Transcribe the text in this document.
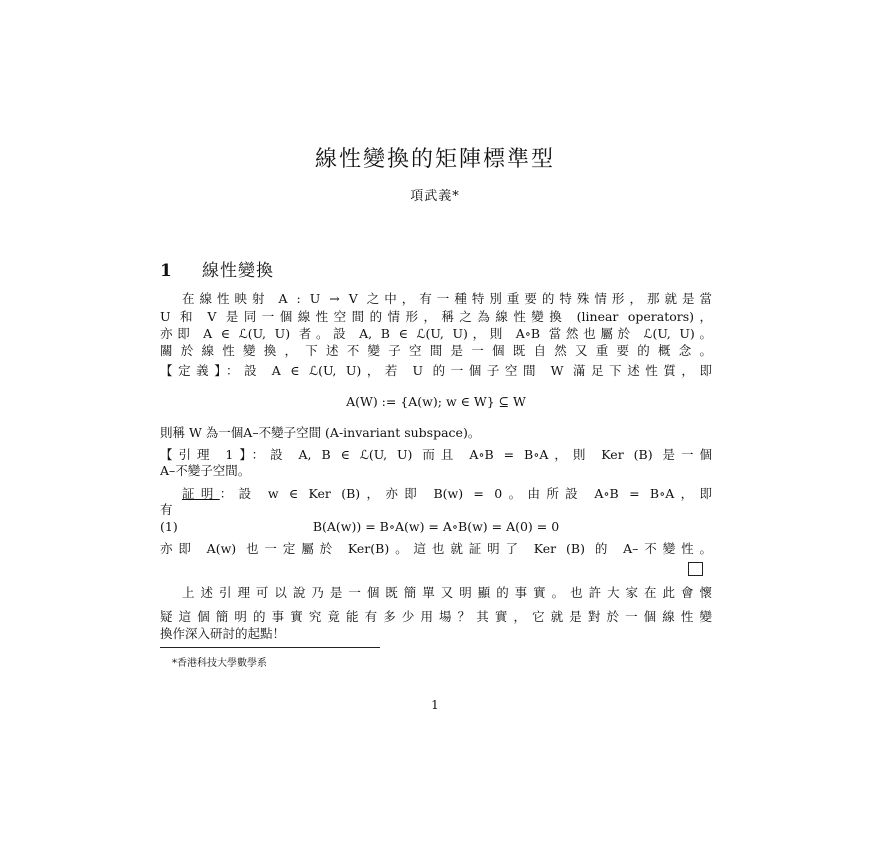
線性變換的矩陣標準型
項武義*
1 線性變換
在線性映射 A : U → V 之中，有一種特別重要的特殊情形，那就是當
U 和 V 是同一個線性空間的情形，稱之為線性變換 (linear operators)，
亦即 A ∈ ℒ(U, U) 者。設 A, B ∈ ℒ(U, U)，則 A∘B 當然也屬於 ℒ(U, U)。
關於線性變換，下述不變子空間是一個既自然又重要的概念。
【定義】：設 A ∈ ℒ(U, U)，若 U 的一個子空間 W 滿足下述性質，即
A(W) := {A(w); w ∈ W} ⊆ W
則稱 W 為一個A–不變子空間 (A-invariant subspace)。
【引理 1】：設 A, B ∈ ℒ(U, U) 而且 A∘B = B∘A，則 Ker (B) 是一個
A–不變子空間。
証明：設 w ∈ Ker (B)，亦即 B(w) = 0。由所設 A∘B = B∘A，即
有
(1)	B(A(w)) = B∘A(w) = A∘B(w) = A(0) = 0
亦即 A(w) 也一定屬於 Ker(B)。這也就証明了 Ker (B) 的 A–不變性。
上述引理可以說乃是一個既簡單又明顯的事實。也許大家在此會懷
疑這個簡明的事實究竟能有多少用場？其實，它就是對於一個線性變
換作深入研討的起點！
*香港科技大學數學系
1
